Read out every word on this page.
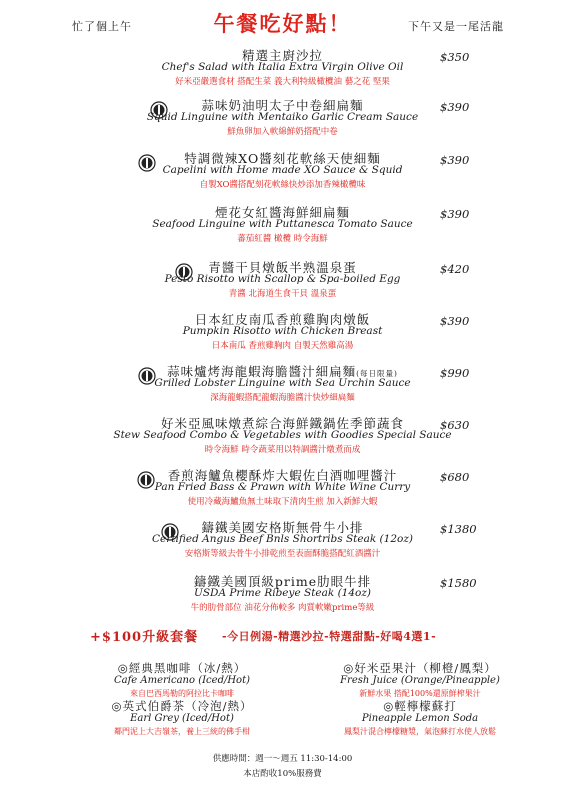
忙了個上午	午餐吃好點！	下午又是一尾活龍
精選主廚沙拉
Chef's Salad with Italia Extra Virgin Olive Oil
好米亞嚴選食材 搭配生菜 義大利特級橄欖油 藝之花 堅果
$350
蒜味奶油明太子中卷細扁麵
Squid Linguine with Mentaiko Garlic Cream Sauce
鮮魚卵加入軟綿鮮奶搭配中卷
$390
特調微辣XO醬刻花軟絲天使細麵
Capelini with Home made XO Sauce & Squid
自製XO醬搭配刻花軟絲快炒添加香辣橄欖味
$390
煙花女紅醬海鮮細扁麵
Seafood Linguine with Puttanesca Tomato Sauce
蕃茄紅醬 橄欖 時令海鮮
$390
青醬干貝燉飯半熟溫泉蛋
Pesto Risotto with Scallop & Spa-boiled Egg
青醬 北海道生食干貝 溫泉蛋
$420
日本紅皮南瓜香煎雞胸肉燉飯
Pumpkin Risotto with Chicken Breast
日本南瓜 香煎雞胸肉 自製天然雞高湯
$390
蒜味爐烤海龍蝦海膽醬汁細扁麵(每日限量)
Grilled Lobster Linguine with Sea Urchin Sauce
深海龍蝦搭配龍蝦海膽醬汁快炒細扁麵
$990
好米亞風味燉煮綜合海鮮鐵鍋佐季節蔬食
Stew Seafood Combo & Vegetables with Goodies Special Sauce
時令海鮮 時令蔬菜用以特調醬汁燉煮而成
$630
香煎海鱸魚櫻酥炸大蝦佐白酒咖哩醬汁
Pan Fried Bass & Prawn with White Wine Curry
使用冷藏海鱸魚無土味取下清肉生煎 加入新鮮大蝦
$680
鑄鐵美國安格斯無骨牛小排
Certified Angus Beef Bnls Shortribs Steak (12oz)
安格斯等級去骨牛小排乾煎至表面酥脆搭配紅酒醬汁
$1380
鑄鐵美國頂級prime肋眼牛排
USDA Prime Ribeye Steak (14oz)
牛的肋骨部位 油花分佈較多 肉質軟嫩prime等級
$1580
+$100升級套餐 -今日例湯-精選沙拉-特選甜點-好喝4選1-
◎經典黑咖啡（冰/熱）
Cafe Americano (Iced/Hot)
來自巴西馬勒的阿拉比卡咖啡
◎好米亞果汁（柳橙/鳳梨）
Fresh Juice (Orange/Pineapple)
新鮮水果 搭配100%還原鮮榨果汁
◎英式伯爵茶（冷泡/熱）
Earl Grey (Iced/Hot)
鄰門泥上大吉嶺茶，養上三統的佛手柑
◎輕檸檬蘇打
Pineapple Lemon Soda
鳳梨汁混合檸檬糖漿，氣泡蘇打水使人放鬆
供應時間：週一～週五 11:30-14:00
本店酌收10%服務費
